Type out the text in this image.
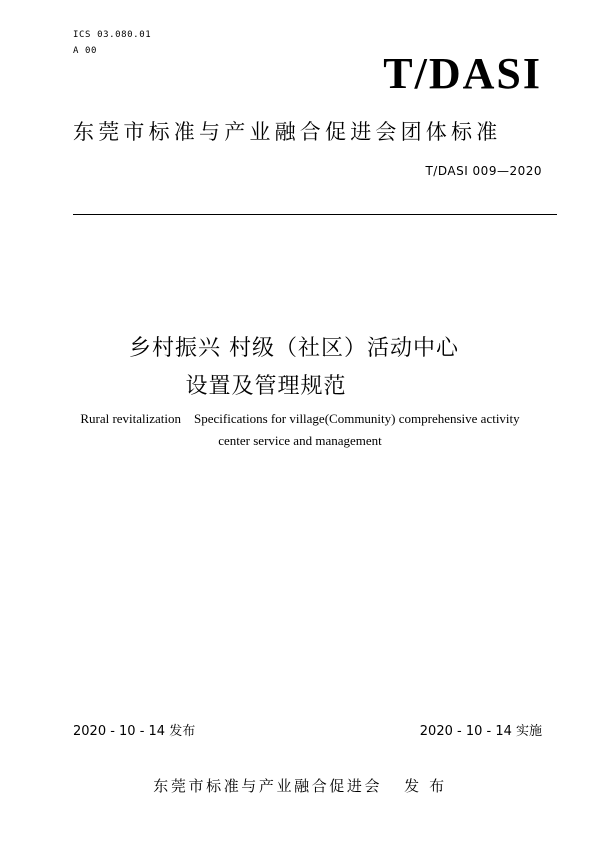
ICS 03.080.01
A 00	T/DASI
东莞市标准与产业融合促进会团体标准
T/DASI 009—2020
乡村振兴 村级（社区）活动中心
设置及管理规范
Rural revitalization    Specifications for village(Community) comprehensive activity
center service and management
2020 - 10 - 14 发布	2020 - 10 - 14 实施
东莞市标准与产业融合促进会 发 布
